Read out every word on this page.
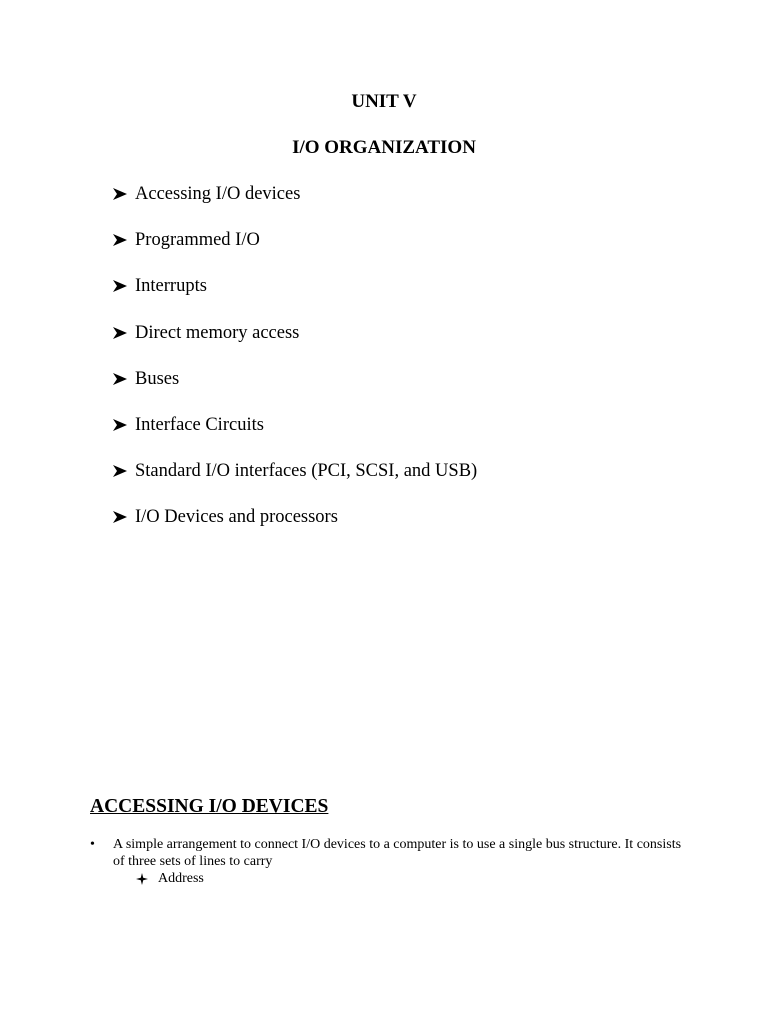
UNIT V
I/O ORGANIZATION
Accessing I/O devices
Programmed I/O
Interrupts
Direct memory access
Buses
Interface Circuits
Standard I/O interfaces (PCI, SCSI, and USB)
I/O Devices and processors
ACCESSING I/O DEVICES
•	A simple arrangement to connect I/O devices to a computer is to use a single bus structure. It consists of three sets of lines to carry
Address
